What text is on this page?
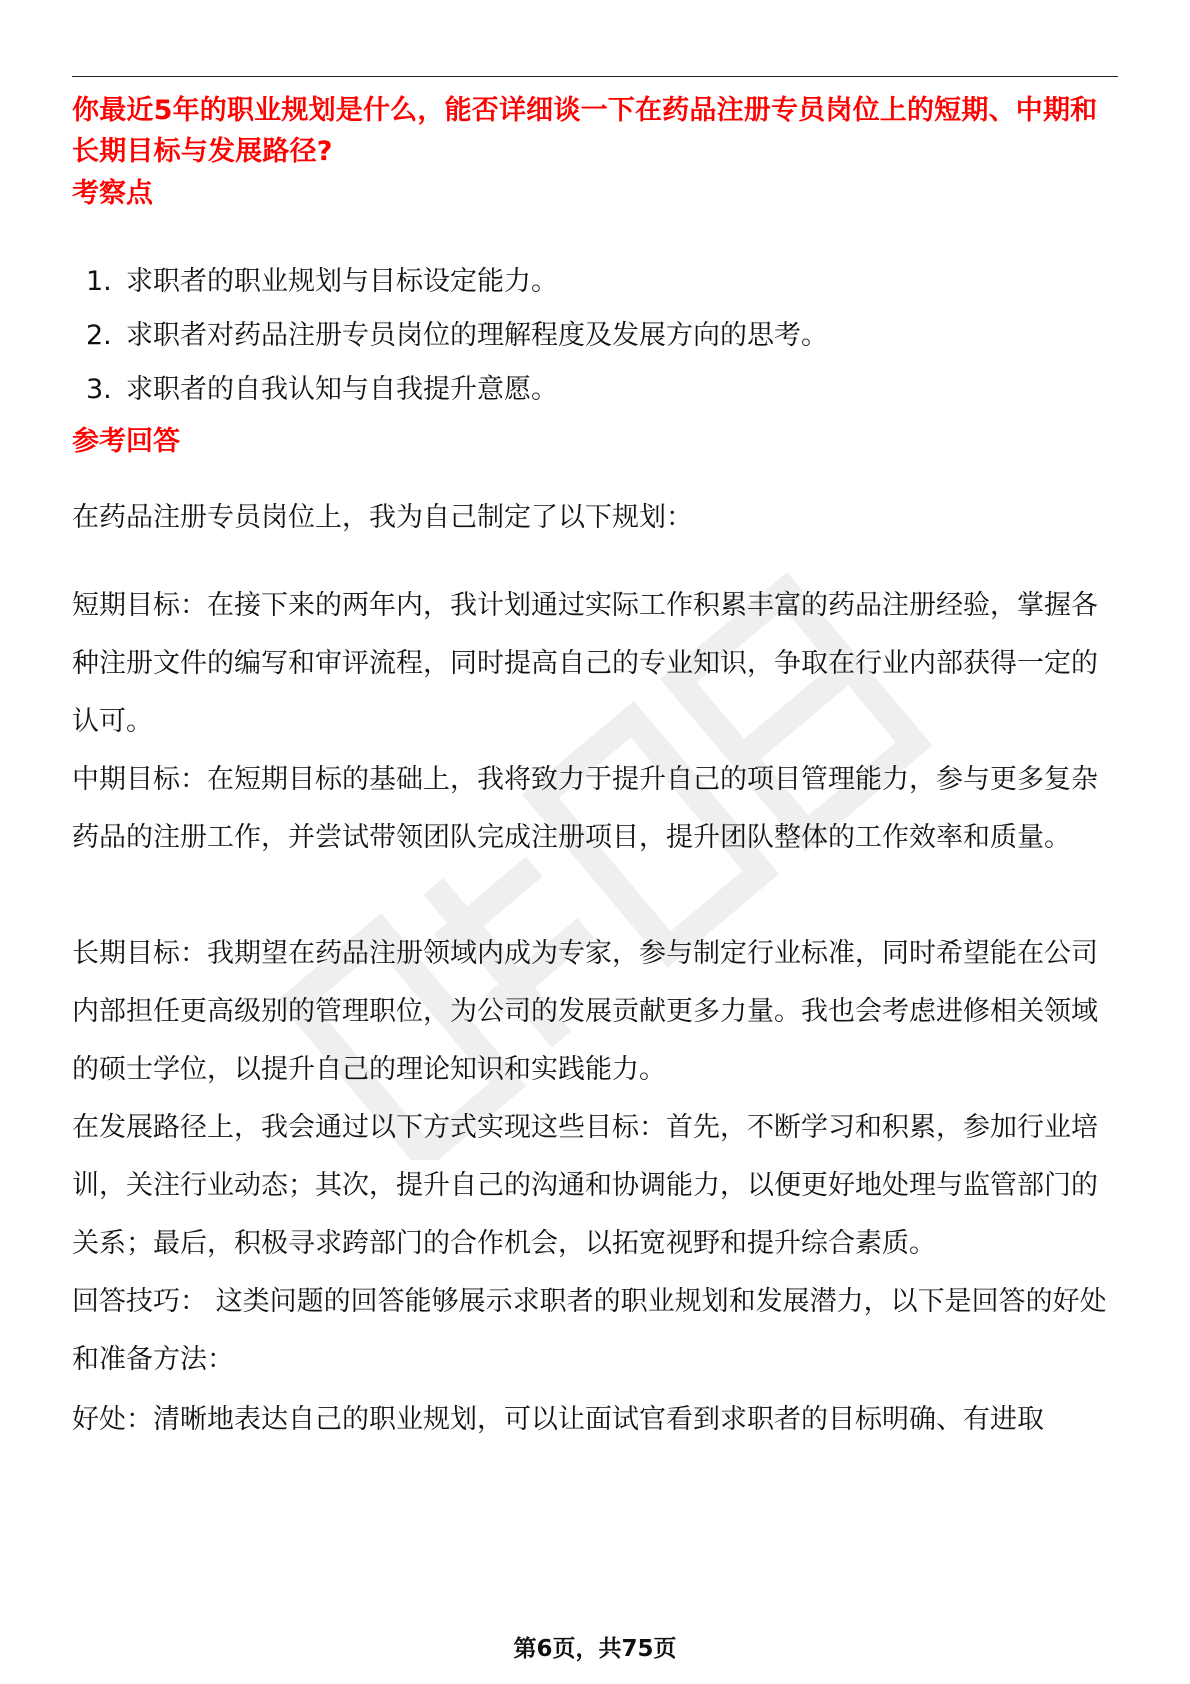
你最近5年的职业规划是什么，能否详细谈一下在药品注册专员岗位上的短期、中期和长期目标与发展路径?
考察点
1. 求职者的职业规划与目标设定能力。
2. 求职者对药品注册专员岗位的理解程度及发展方向的思考。
3. 求职者的自我认知与自我提升意愿。
参考回答

在药品注册专员岗位上，我为自己制定了以下规划：

短期目标：在接下来的两年内，我计划通过实际工作积累丰富的药品注册经验，掌握各种注册文件的编写和审评流程，同时提高自己的专业知识，争取在行业内部获得一定的认可。

中期目标：在短期目标的基础上，我将致力于提升自己的项目管理能力，参与更多复杂药品的注册工作，并尝试带领团队完成注册项目，提升团队整体的工作效率和质量。

长期目标：我期望在药品注册领域内成为专家，参与制定行业标准，同时希望能在公司内部担任更高级别的管理职位，为公司的发展贡献更多力量。我也会考虑进修相关领域的硕士学位，以提升自己的理论知识和实践能力。

在发展路径上，我会通过以下方式实现这些目标：首先，不断学习和积累，参加行业培训，关注行业动态；其次，提升自己的沟通和协调能力，以便更好地处理与监管部门的关系；最后，积极寻求跨部门的合作机会，以拓宽视野和提升综合素质。

回答技巧： 这类问题的回答能够展示求职者的职业规划和发展潜力，以下是回答的好处和准备方法：

好处：清晰地表达自己的职业规划，可以让面试官看到求职者的目标明确、有进取

第6页，共75页
